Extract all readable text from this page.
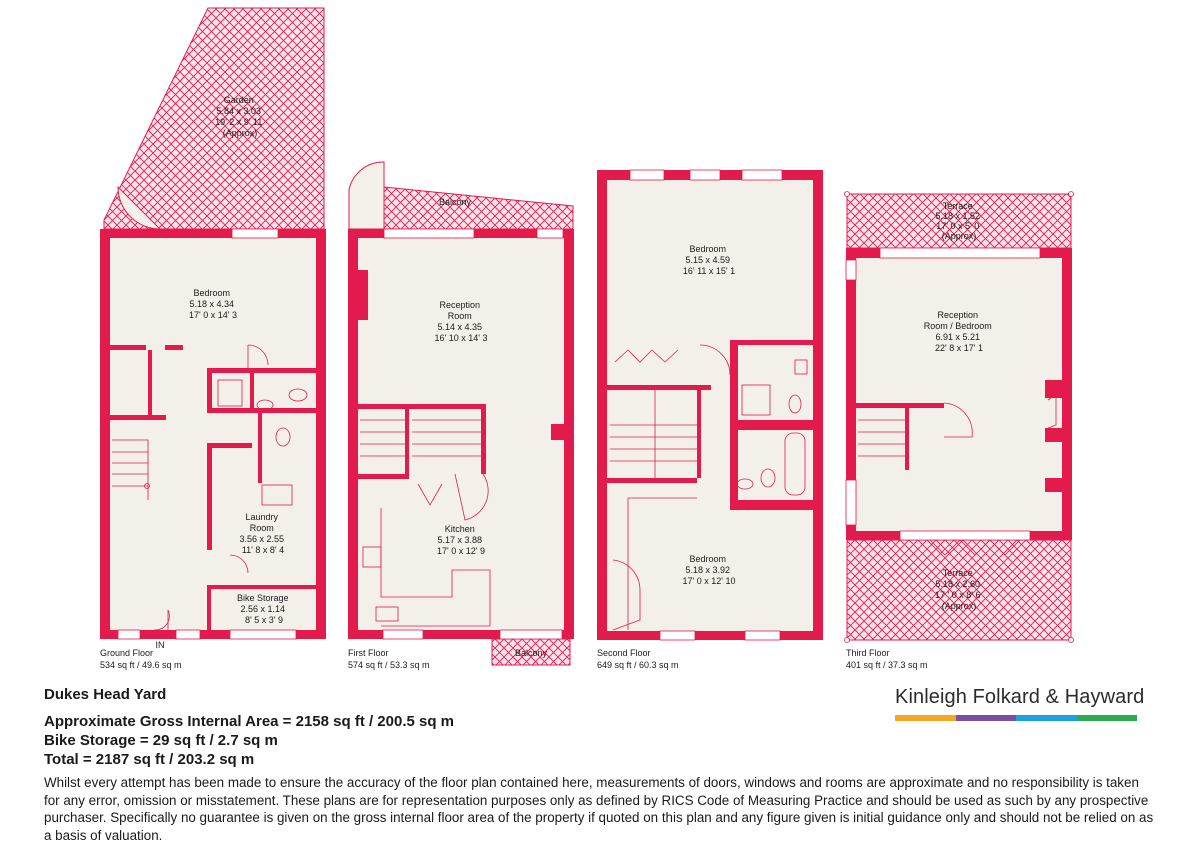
Garden 5.84 x 3.03 19' 2 x 9' 11 (Approx)
Bedroom 5.18 x 4.34 17' 0 x 14' 3
Laundry Room 3.56 x 2.55 11' 8 x 8' 4
Bike Storage 2.56 x 1.14 8' 5 x 3' 9
IN
Ground Floor
534 sq ft / 49.6 sq m
Balcony
Reception Room 5.14 x 4.35 16' 10 x 14' 3
Kitchen 5.17 x 3.88 17' 0 x 12' 9
Balcony
First Floor
574 sq ft / 53.3 sq m
Bedroom 5.15 x 4.59 16' 11 x 15' 1
Bedroom 5.18 x 3.92 17' 0 x 12' 10
Second Floor
649 sq ft / 60.3 sq m
Terrace 5.18 x 1.52 17' 0 x 5' 0 (Approx)
Reception Room / Bedroom 6.91 x 5.21 22' 8 x 17' 1
Terrace 5.18 x 2.60 17 ' 0 x 8' 6 (Approx)
Third Floor
401 sq ft / 37.3 sq m

Dukes Head Yard

Approximate Gross Internal Area = 2158 sq ft / 200.5 sq m

Bike Storage = 29 sq ft / 2.7 sq m

Total = 2187 sq ft / 203.2 sq m

Whilst every attempt has been made to ensure the accuracy of the floor plan contained here, measurements of doors, windows and rooms are approximate and no responsibility is taken for any error, omission or misstatement. These plans are for representation purposes only as defined by RICS Code of Measuring Practice and should be used as such by any prospective purchaser. Specifically no guarantee is given on the gross internal floor area of the property if quoted on this plan and any figure given is initial guidance only and should not be relied on as a basis of valuation.
Kinleigh Folkard & Hayward
